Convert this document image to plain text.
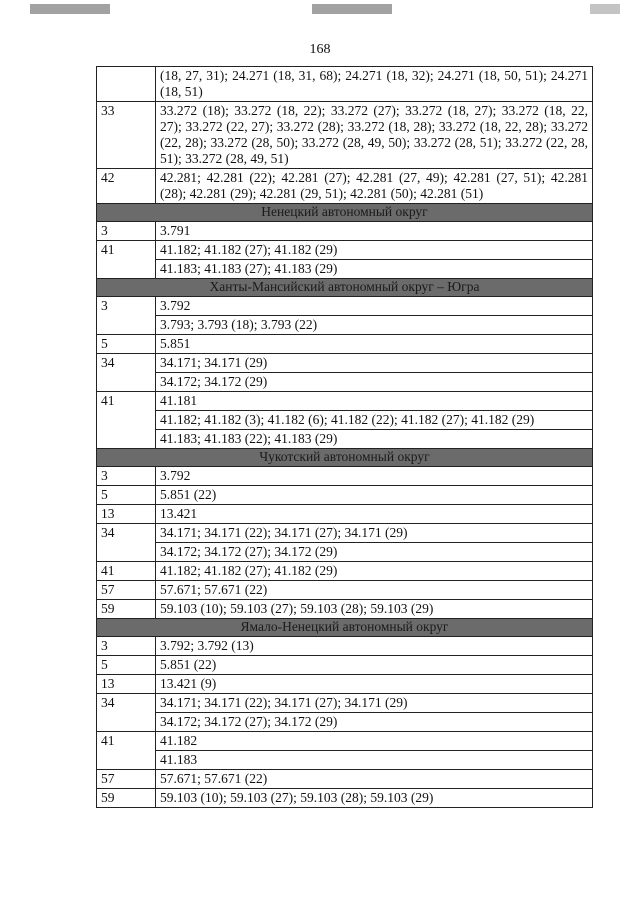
168
	(18, 27, 31); 24.271 (18, 31, 68); 24.271 (18, 32); 24.271 (18, 50, 51); 24.271 (18, 51)
33	33.272 (18); 33.272 (18, 22); 33.272 (27); 33.272 (18, 27); 33.272 (18, 22, 27); 33.272 (22, 27); 33.272 (28); 33.272 (18, 28); 33.272 (18, 22, 28); 33.272 (22, 28); 33.272 (28, 50); 33.272 (28, 49, 50); 33.272 (28, 51); 33.272 (22, 28, 51); 33.272 (28, 49, 51)
42	42.281; 42.281 (22); 42.281 (27); 42.281 (27, 49); 42.281 (27, 51); 42.281 (28); 42.281 (29); 42.281 (29, 51); 42.281 (50); 42.281 (51)
Ненецкий автономный округ	
3	3.791
41	41.182; 41.182 (27); 41.182 (29)
	41.183; 41.183 (27); 41.183 (29)
Ханты-Мансийский автономный округ – Югра	
3	3.792
	3.793; 3.793 (18); 3.793 (22)
5	5.851
34	34.171; 34.171 (29)
	34.172; 34.172 (29)
41	41.181
	41.182; 41.182 (3); 41.182 (6); 41.182 (22); 41.182 (27); 41.182 (29)
	41.183; 41.183 (22); 41.183 (29)
Чукотский автономный округ	
3	3.792
5	5.851 (22)
13	13.421
34	34.171; 34.171 (22); 34.171 (27); 34.171 (29)
	34.172; 34.172 (27); 34.172 (29)
41	41.182; 41.182 (27); 41.182 (29)
57	57.671; 57.671 (22)
59	59.103 (10); 59.103 (27); 59.103 (28); 59.103 (29)
Ямало-Ненецкий автономный округ	
3	3.792; 3.792 (13)
5	5.851 (22)
13	13.421 (9)
34	34.171; 34.171 (22); 34.171 (27); 34.171 (29)
	34.172; 34.172 (27); 34.172 (29)
41	41.182
	41.183
57	57.671; 57.671 (22)
59	59.103 (10); 59.103 (27); 59.103 (28); 59.103 (29)
